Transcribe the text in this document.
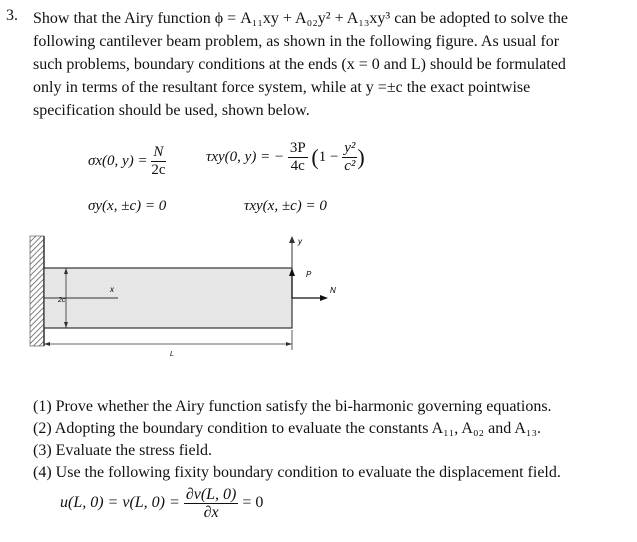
3. Show that the Airy function ϕ = A₁₁xy + A₀₂y² + A₁₃xy³ can be adopted to solve the
following cantilever beam problem, as shown in the following figure. As usual for
such problems, boundary conditions at the ends (x = 0 and L) should be formulated
only in terms of the resultant force system, while at y =±c the exact pointwise
specification should be used, shown below.
σx(0, $y) = \frac{N}{2c}$	τxy(0, y) = − $\frac{3P}{4c} (1 - \frac{\text{y²}}{\text{c²}}$ )
σy(x, ±c) = 0	τxy(x, ±c) = 0
y
x
P
N
2c
L
(1) Prove whether the Airy function satisfy the bi-harmonic governing equations.
(2) Adopting the boundary condition to evaluate the constants A₁₁, A₀₂ and A₁₃.
(3) Evaluate the stress field.
(4) Use the following fixity boundary condition to evaluate the displacement field.
u(L, 0) = v(L, $0) = \frac{\partial v(L, 0)}{\partial x} = 0$
